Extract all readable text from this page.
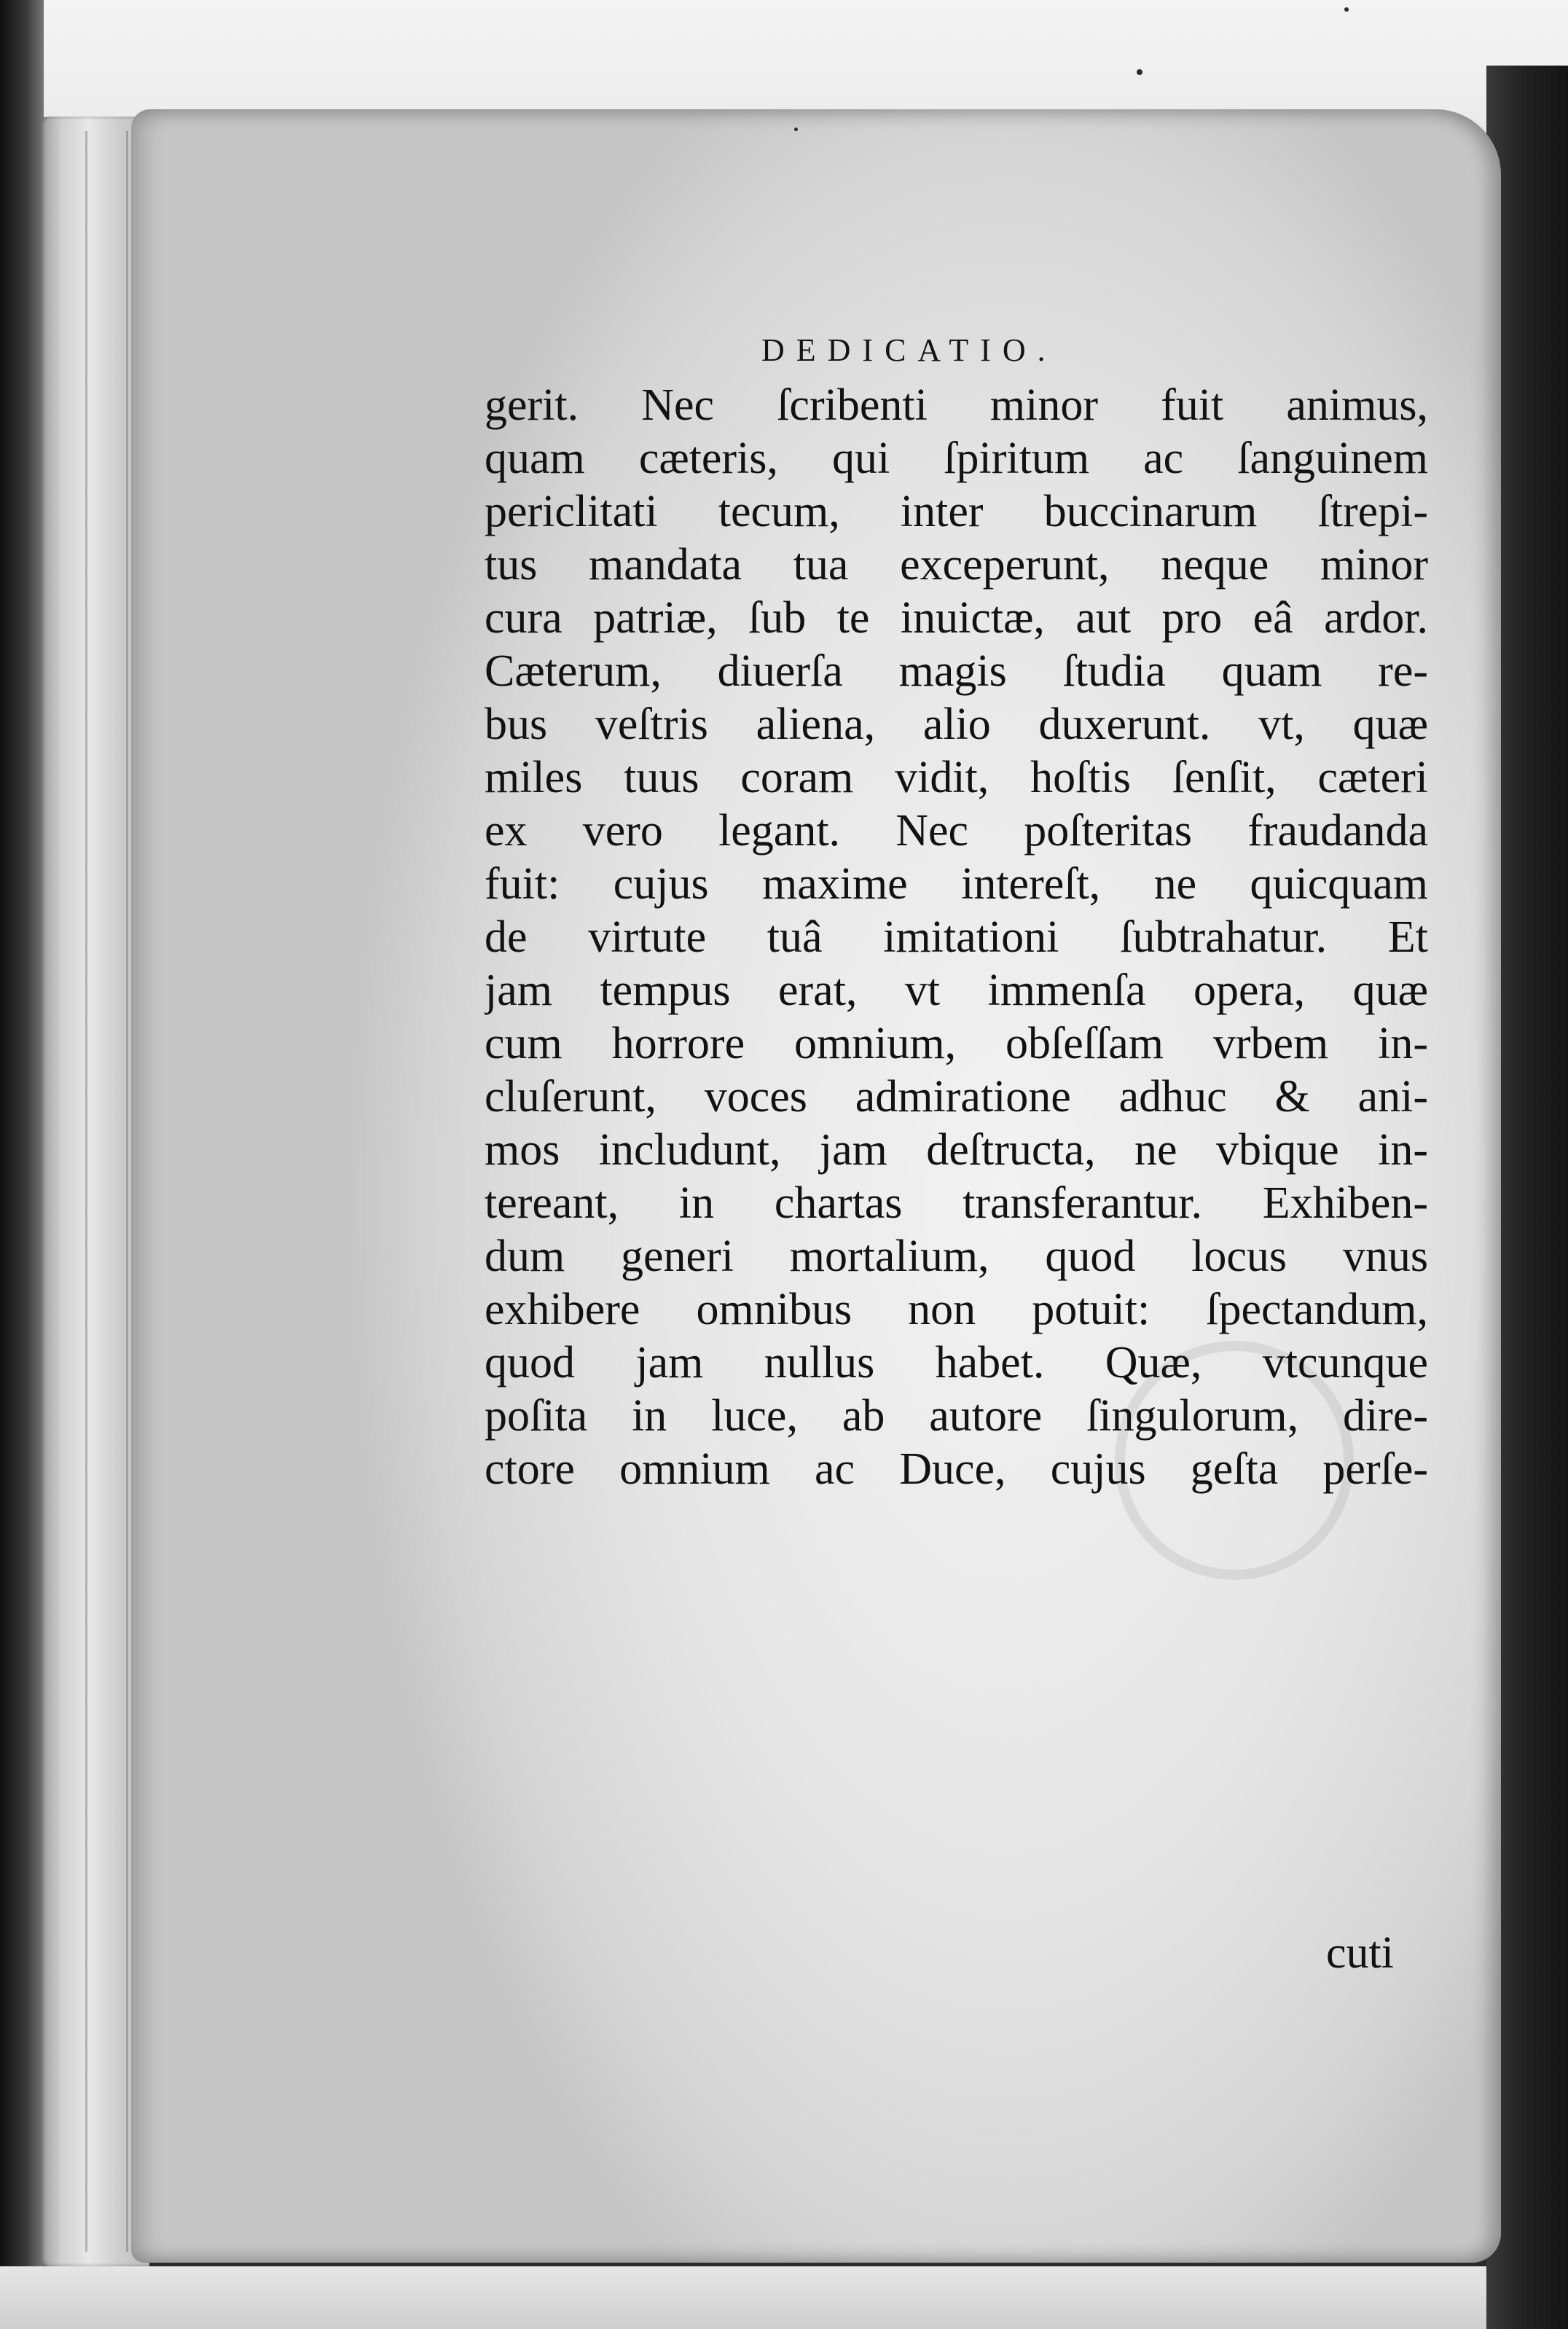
DEDICATIO.
gerit. Nec ſcribenti minor fuit animus,
quam cæteris, qui ſpiritum ac ſanguinem
periclitati tecum, inter buccinarum ſtrepi-
tus mandata tua exceperunt, neque minor
cura patriæ, ſub te inuictæ, aut pro eâ ardor.
Cæterum, diuerſa magis ſtudia quam re-
bus veſtris aliena, alio duxerunt. vt, quæ
miles tuus coram vidit, hoſtis ſenſit, cæteri
ex vero legant. Nec poſteritas fraudanda
fuit: cujus maxime intereſt, ne quicquam
de virtute tuâ imitationi ſubtrahatur. Et
jam tempus erat, vt immenſa opera, quæ
cum horrore omnium, obſeſſam vrbem in-
cluſerunt, voces admiratione adhuc & ani-
mos includunt, jam deſtructa, ne vbique in-
tereant, in chartas transferantur. Exhiben-
dum generi mortalium, quod locus vnus
exhibere omnibus non potuit: ſpectandum,
quod jam nullus habet. Quæ, vtcunque
poſita in luce, ab autore ſingulorum, dire-
ctore omnium ac Duce, cujus geſta perſe-
cuti
